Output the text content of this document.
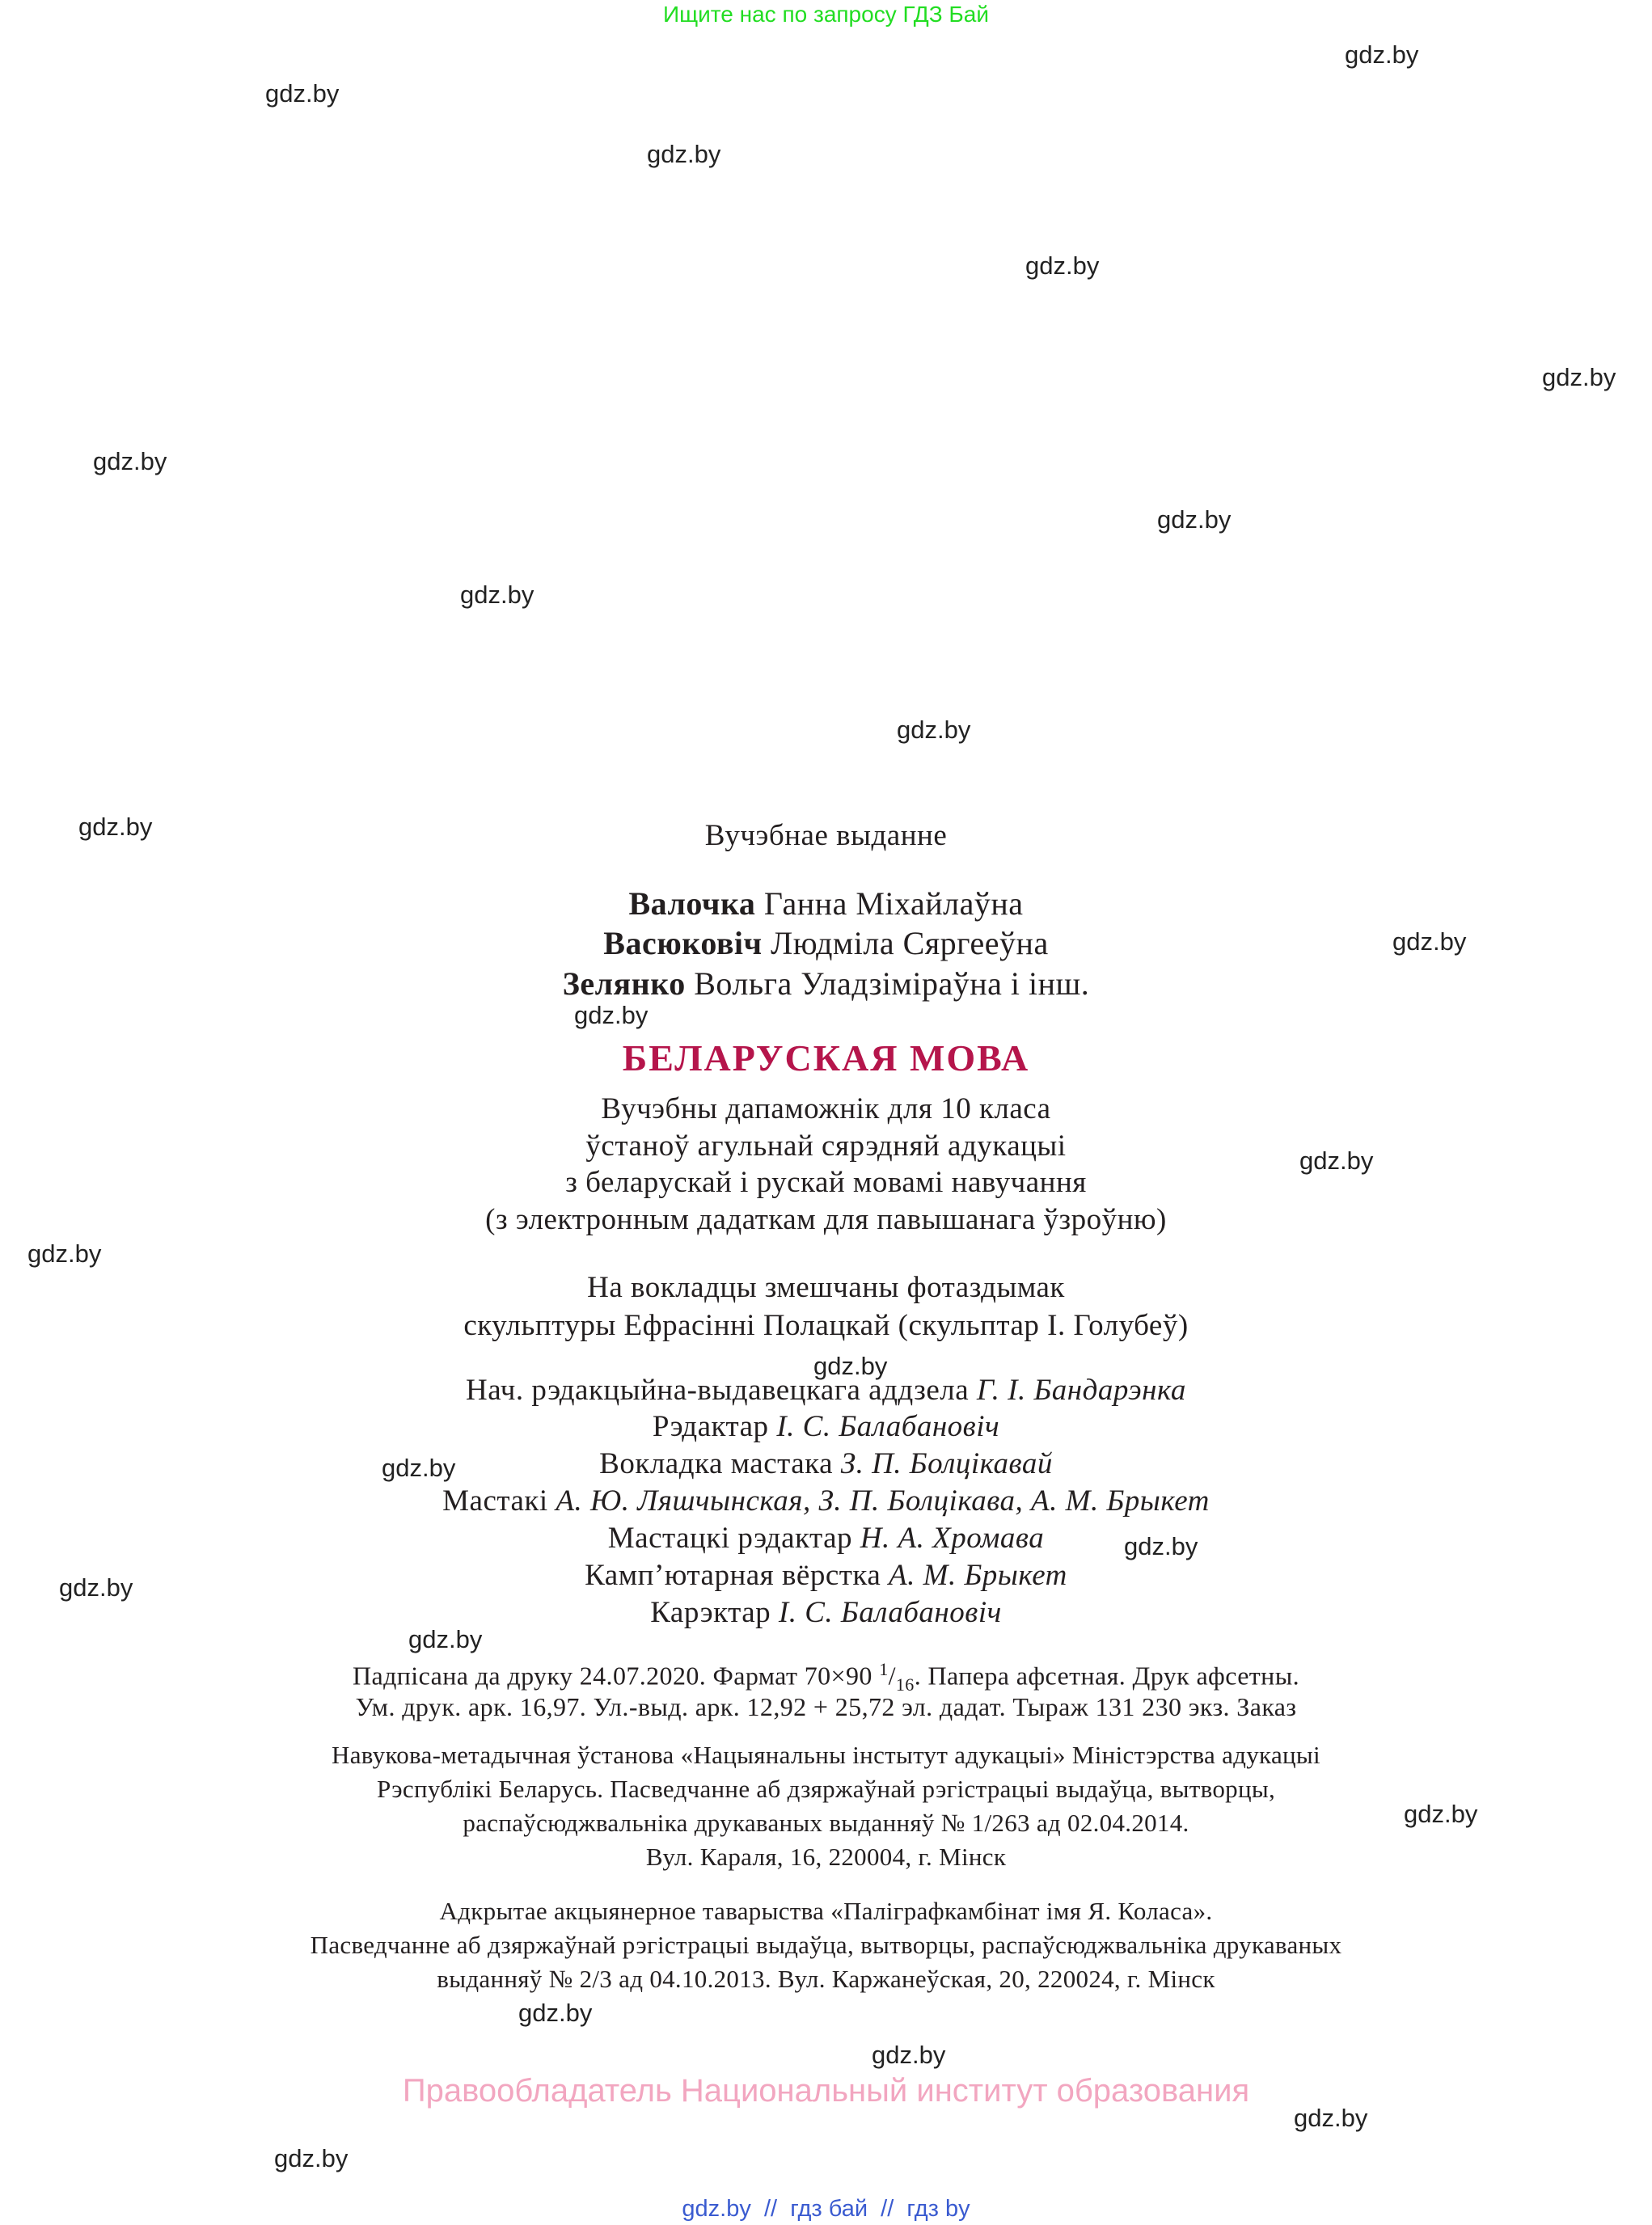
Ищите нас по запросу ГДЗ Бай
gdz.by
gdz.by
gdz.by
gdz.by
gdz.by
gdz.by
gdz.by
gdz.by
gdz.by
gdz.by
gdz.by
gdz.by
gdz.by
gdz.by
gdz.by
gdz.by
gdz.by
gdz.by
gdz.by
gdz.by
gdz.by
gdz.by
gdz.by
gdz.by
Вучэбнае выданне
Валочка Ганна Міхайлаўна
Васюковіч Людміла Сяргееўна
Зелянко Вольга Уладзіміраўна і інш.
БЕЛАРУСКАЯ МОВА
Вучэбны дапаможнік для 10 класа
ўстаноў агульнай сярэдняй адукацыі
з беларускай і рускай мовамі навучання
(з электронным дадаткам для павышанага ўзроўню)
На вокладцы змешчаны фотаздымак
скульптуры Ефрасінні Полацкай (скульптар І. Голубеў)
Нач. рэдакцыйна-выдавецкага аддзела Г. І. Бандарэнка
Рэдактар І. С. Балабановіч
Вокладка мастака З. П. Болцікавай
Мастакі А. Ю. Ляшчынская, З. П. Болцікава, А. М. Брыкет
Мастацкі рэдактар Н. А. Хромава
Камп’ютарная вёрстка А. М. Брыкет
Карэктар І. С. Балабановіч
Падпісана да друку 24.07.2020. Фармат 70×90 $^1/_{16}$. Папера афсетная. Друк афсетны.
Ум. друк. арк. 16,97. Ул.-выд. арк. 12,92 + 25,72 эл. дадат. Тыраж 131 230 экз. Заказ
Навукова-метадычная ўстанова «Нацыянальны інстытут адукацыі» Міністэрства адукацыі
Рэспублікі Беларусь. Пасведчанне аб дзяржаўнай рэгістрацыі выдаўца, вытворцы,
распаўсюджвальніка друкаваных выданняў № 1/263 ад 02.04.2014.
Вул. Караля, 16, 220004, г. Мінск
Адкрытае акцыянерное таварыства «Паліграфкамбінат імя Я. Коласа».
Пасведчанне аб дзяржаўнай рэгістрацыі выдаўца, вытворцы, распаўсюджвальніка друкаваных
выданняў № 2/3 ад 04.10.2013. Вул. Каржанеўская, 20, 220024, г. Мінск
Правообладатель Национальный институт образования
gdz.by // гдз бай // гдз by
